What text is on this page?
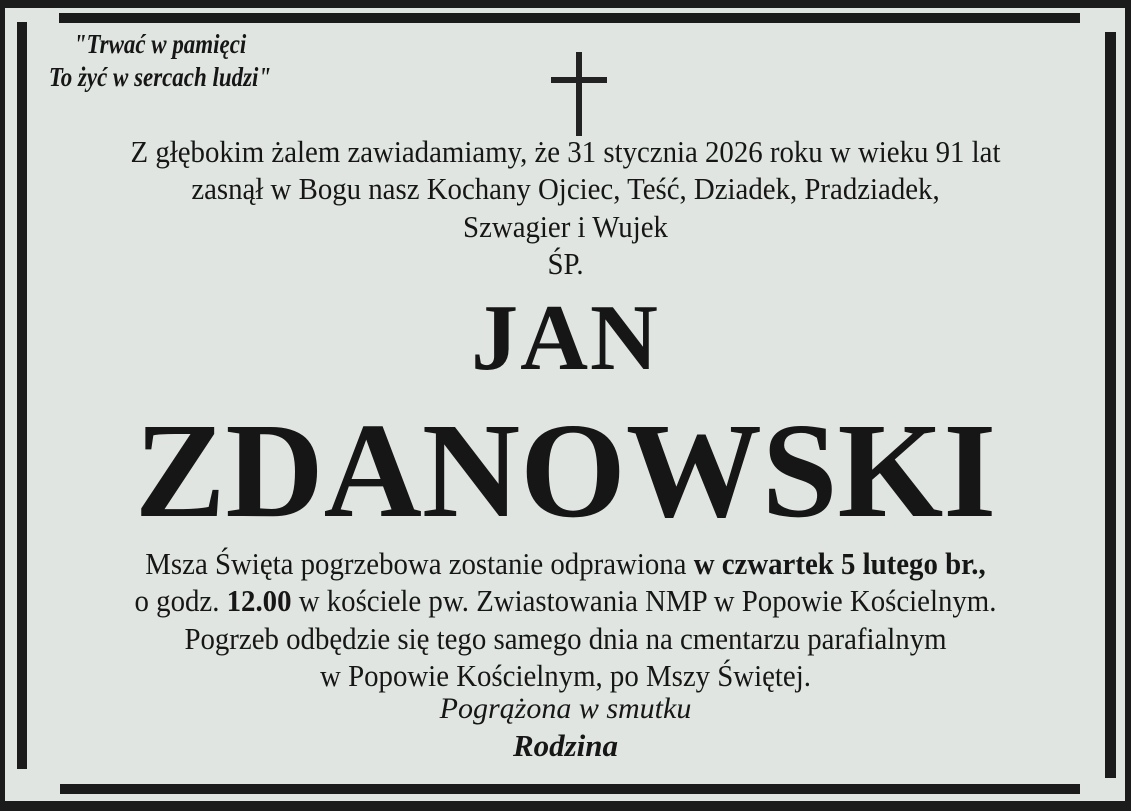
"Trwać w pamięci
To żyć w sercach ludzi"
Z głębokim żalem zawiadamiamy, że 31 stycznia 2026 roku w wieku 91 lat
zasnął w Bogu nasz Kochany Ojciec, Teść, Dziadek, Pradziadek,
Szwagier i Wujek
ŚP.
JAN
ZDANOWSKI
Msza Święta pogrzebowa zostanie odprawiona w czwartek 5 lutego br.,
o godz. 12.00 w kościele pw. Zwiastowania NMP w Popowie Kościelnym.
Pogrzeb odbędzie się tego samego dnia na cmentarzu parafialnym
w Popowie Kościelnym, po Mszy Świętej.
Pogrążona w smutku
Rodzina
